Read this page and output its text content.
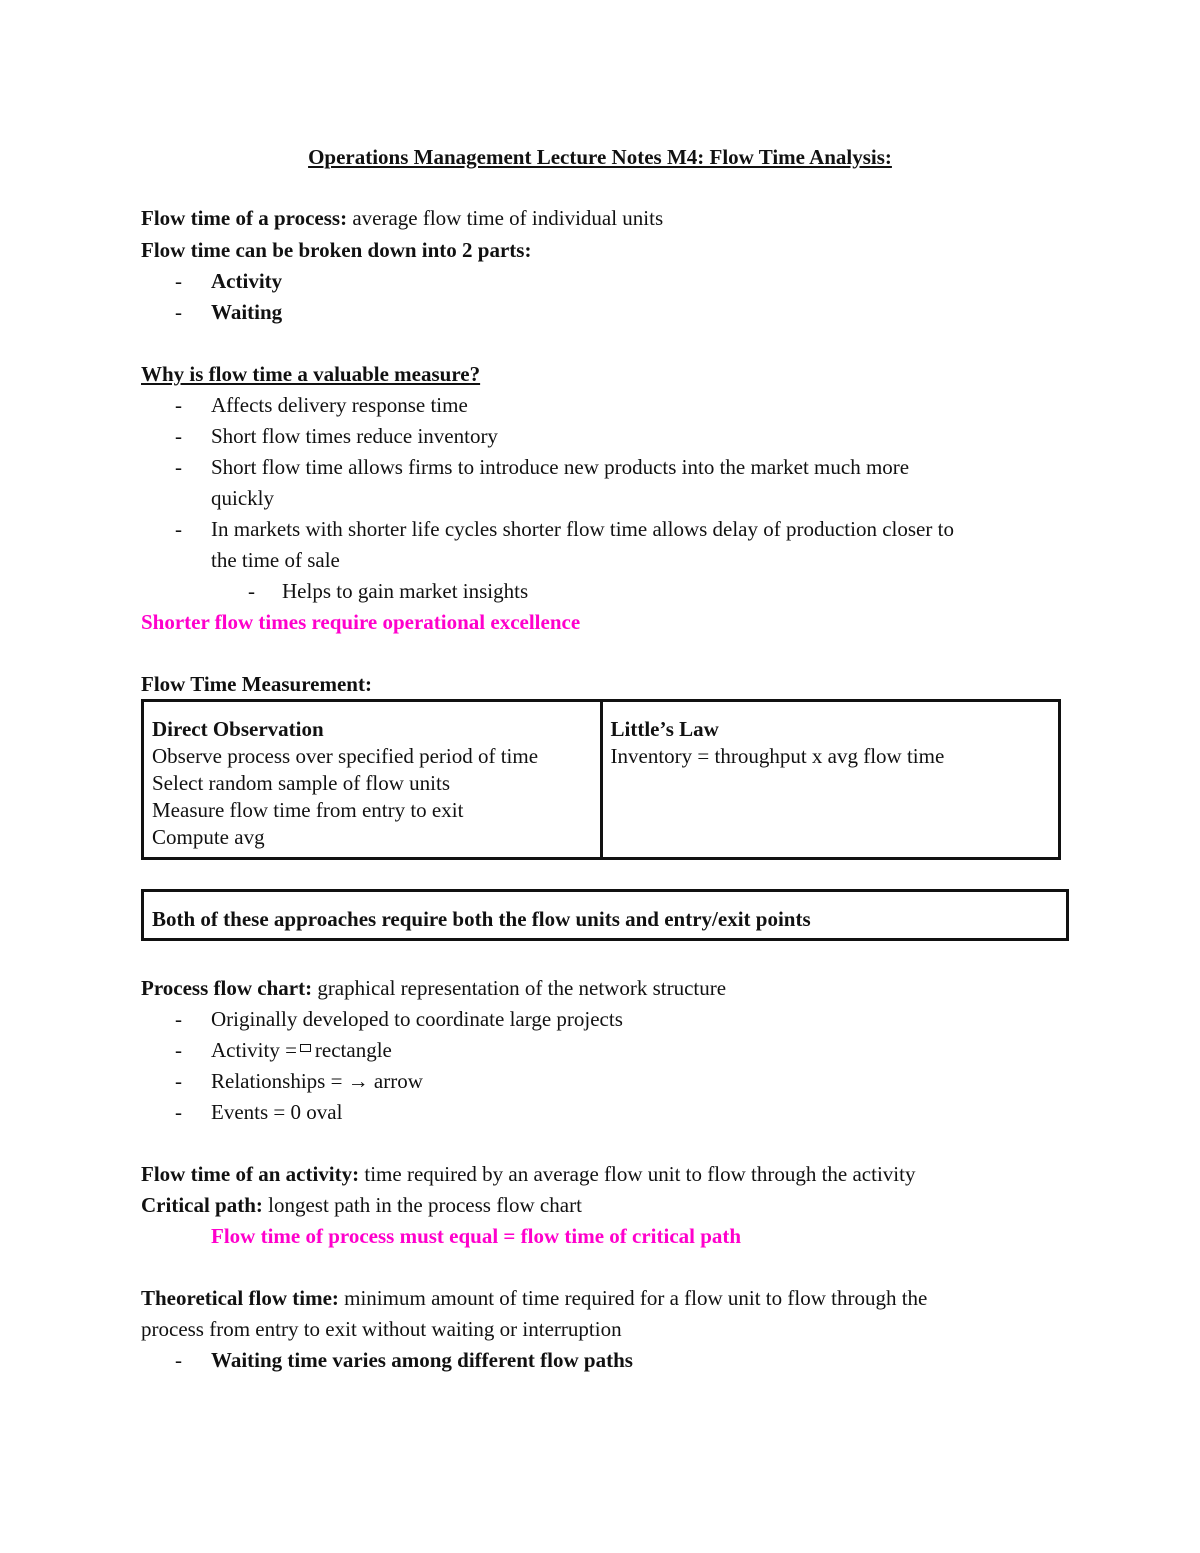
Operations Management Lecture Notes M4: Flow Time Analysis:
Flow time of a process: average flow time of individual units
Flow time can be broken down into 2 parts:
- Activity
- Waiting
Why is flow time a valuable measure?
- Affects delivery response time
- Short flow times reduce inventory
- Short flow time allows firms to introduce new products into the market much more
quickly
- In markets with shorter life cycles shorter flow time allows delay of production closer to
the time of sale
- Helps to gain market insights
Shorter flow times require operational excellence
Flow Time Measurement:
Direct Observation
Observe process over specified period of time
Select random sample of flow units
Measure flow time from entry to exit
Compute avg

Little’s Law
Inventory = throughput x avg flow time
Both of these approaches require both the flow units and entry/exit points
Process flow chart: graphical representation of the network structure
- Originally developed to coordinate large projects
- Activity = rectangle
- Relationships = → arrow
- Events = 0 oval
Flow time of an activity: time required by an average flow unit to flow through the activity
Critical path: longest path in the process flow chart
Flow time of process must equal = flow time of critical path
Theoretical flow time: minimum amount of time required for a flow unit to flow through the
process from entry to exit without waiting or interruption
- Waiting time varies among different flow paths
